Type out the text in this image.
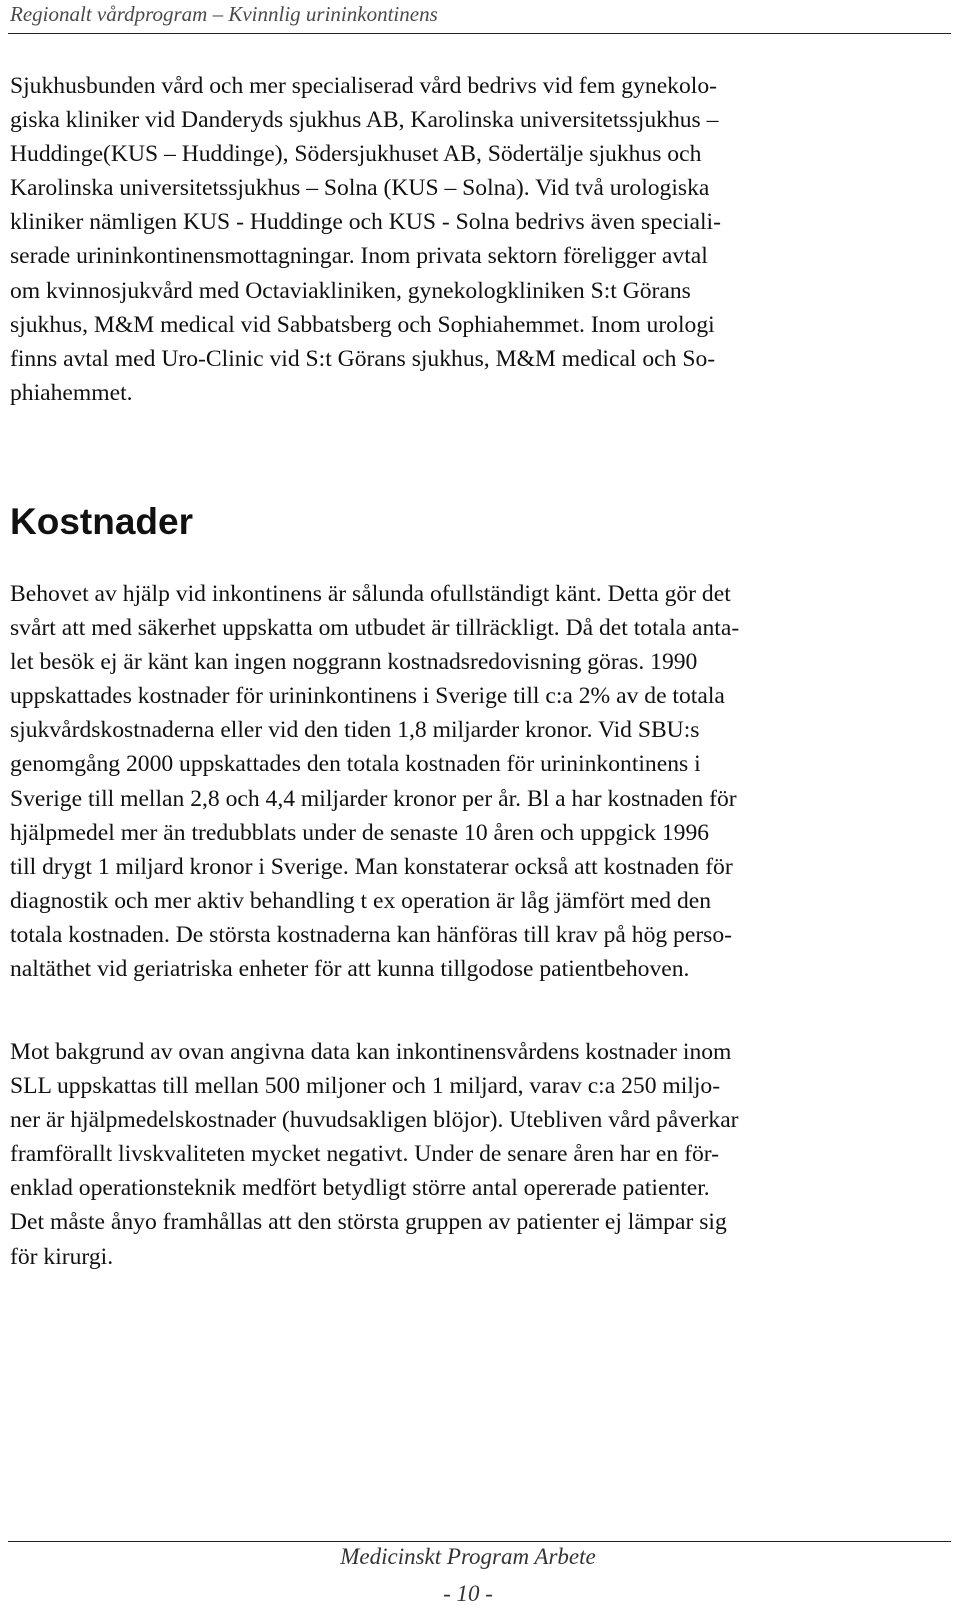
Regionalt vårdprogram – Kvinnlig urininkontinens

Sjukhusbunden vård och mer specialiserad vård bedrivs vid fem gynekolo-
giska kliniker vid Danderyds sjukhus AB, Karolinska universitetssjukhus –
Huddinge(KUS – Huddinge), Södersjukhuset AB, Södertälje sjukhus och
Karolinska universitetssjukhus – Solna (KUS – Solna). Vid två urologiska
kliniker nämligen KUS - Huddinge och KUS - Solna bedrivs även speciali-
serade urininkontinensmottagningar. Inom privata sektorn föreligger avtal
om kvinnosjukvård med Octaviakliniken, gynekologkliniken S:t Görans
sjukhus, M&M medical vid Sabbatsberg och Sophiahemmet. Inom urologi
finns avtal med Uro-Clinic vid S:t Görans sjukhus, M&M medical och So-
phiahemmet.

Kostnader

Behovet av hjälp vid inkontinens är sålunda ofullständigt känt. Detta gör det
svårt att med säkerhet uppskatta om utbudet är tillräckligt. Då det totala anta-
let besök ej är känt kan ingen noggrann kostnadsredovisning göras. 1990
uppskattades kostnader för urininkontinens i Sverige till c:a 2% av de totala
sjukvårdskostnaderna eller vid den tiden 1,8 miljarder kronor. Vid SBU:s
genomgång 2000 uppskattades den totala kostnaden för urininkontinens i
Sverige till mellan 2,8 och 4,4 miljarder kronor per år. Bl a har kostnaden för
hjälpmedel mer än tredubblats under de senaste 10 åren och uppgick 1996
till drygt 1 miljard kronor i Sverige. Man konstaterar också att kostnaden för
diagnostik och mer aktiv behandling t ex operation är låg jämfört med den
totala kostnaden. De största kostnaderna kan hänföras till krav på hög perso-
naltäthet vid geriatriska enheter för att kunna tillgodose patientbehoven.

Mot bakgrund av ovan angivna data kan inkontinensvårdens kostnader inom
SLL uppskattas till mellan 500 miljoner och 1 miljard, varav c:a 250 miljo-
ner är hjälpmedelskostnader (huvudsakligen blöjor). Utebliven vård påverkar
framförallt livskvaliteten mycket negativt. Under de senare åren har en för-
enklad operationsteknik medfört betydligt större antal opererade patienter.
Det måste ånyo framhållas att den största gruppen av patienter ej lämpar sig
för kirurgi.

Medicinskt Program Arbete
- 10 -
